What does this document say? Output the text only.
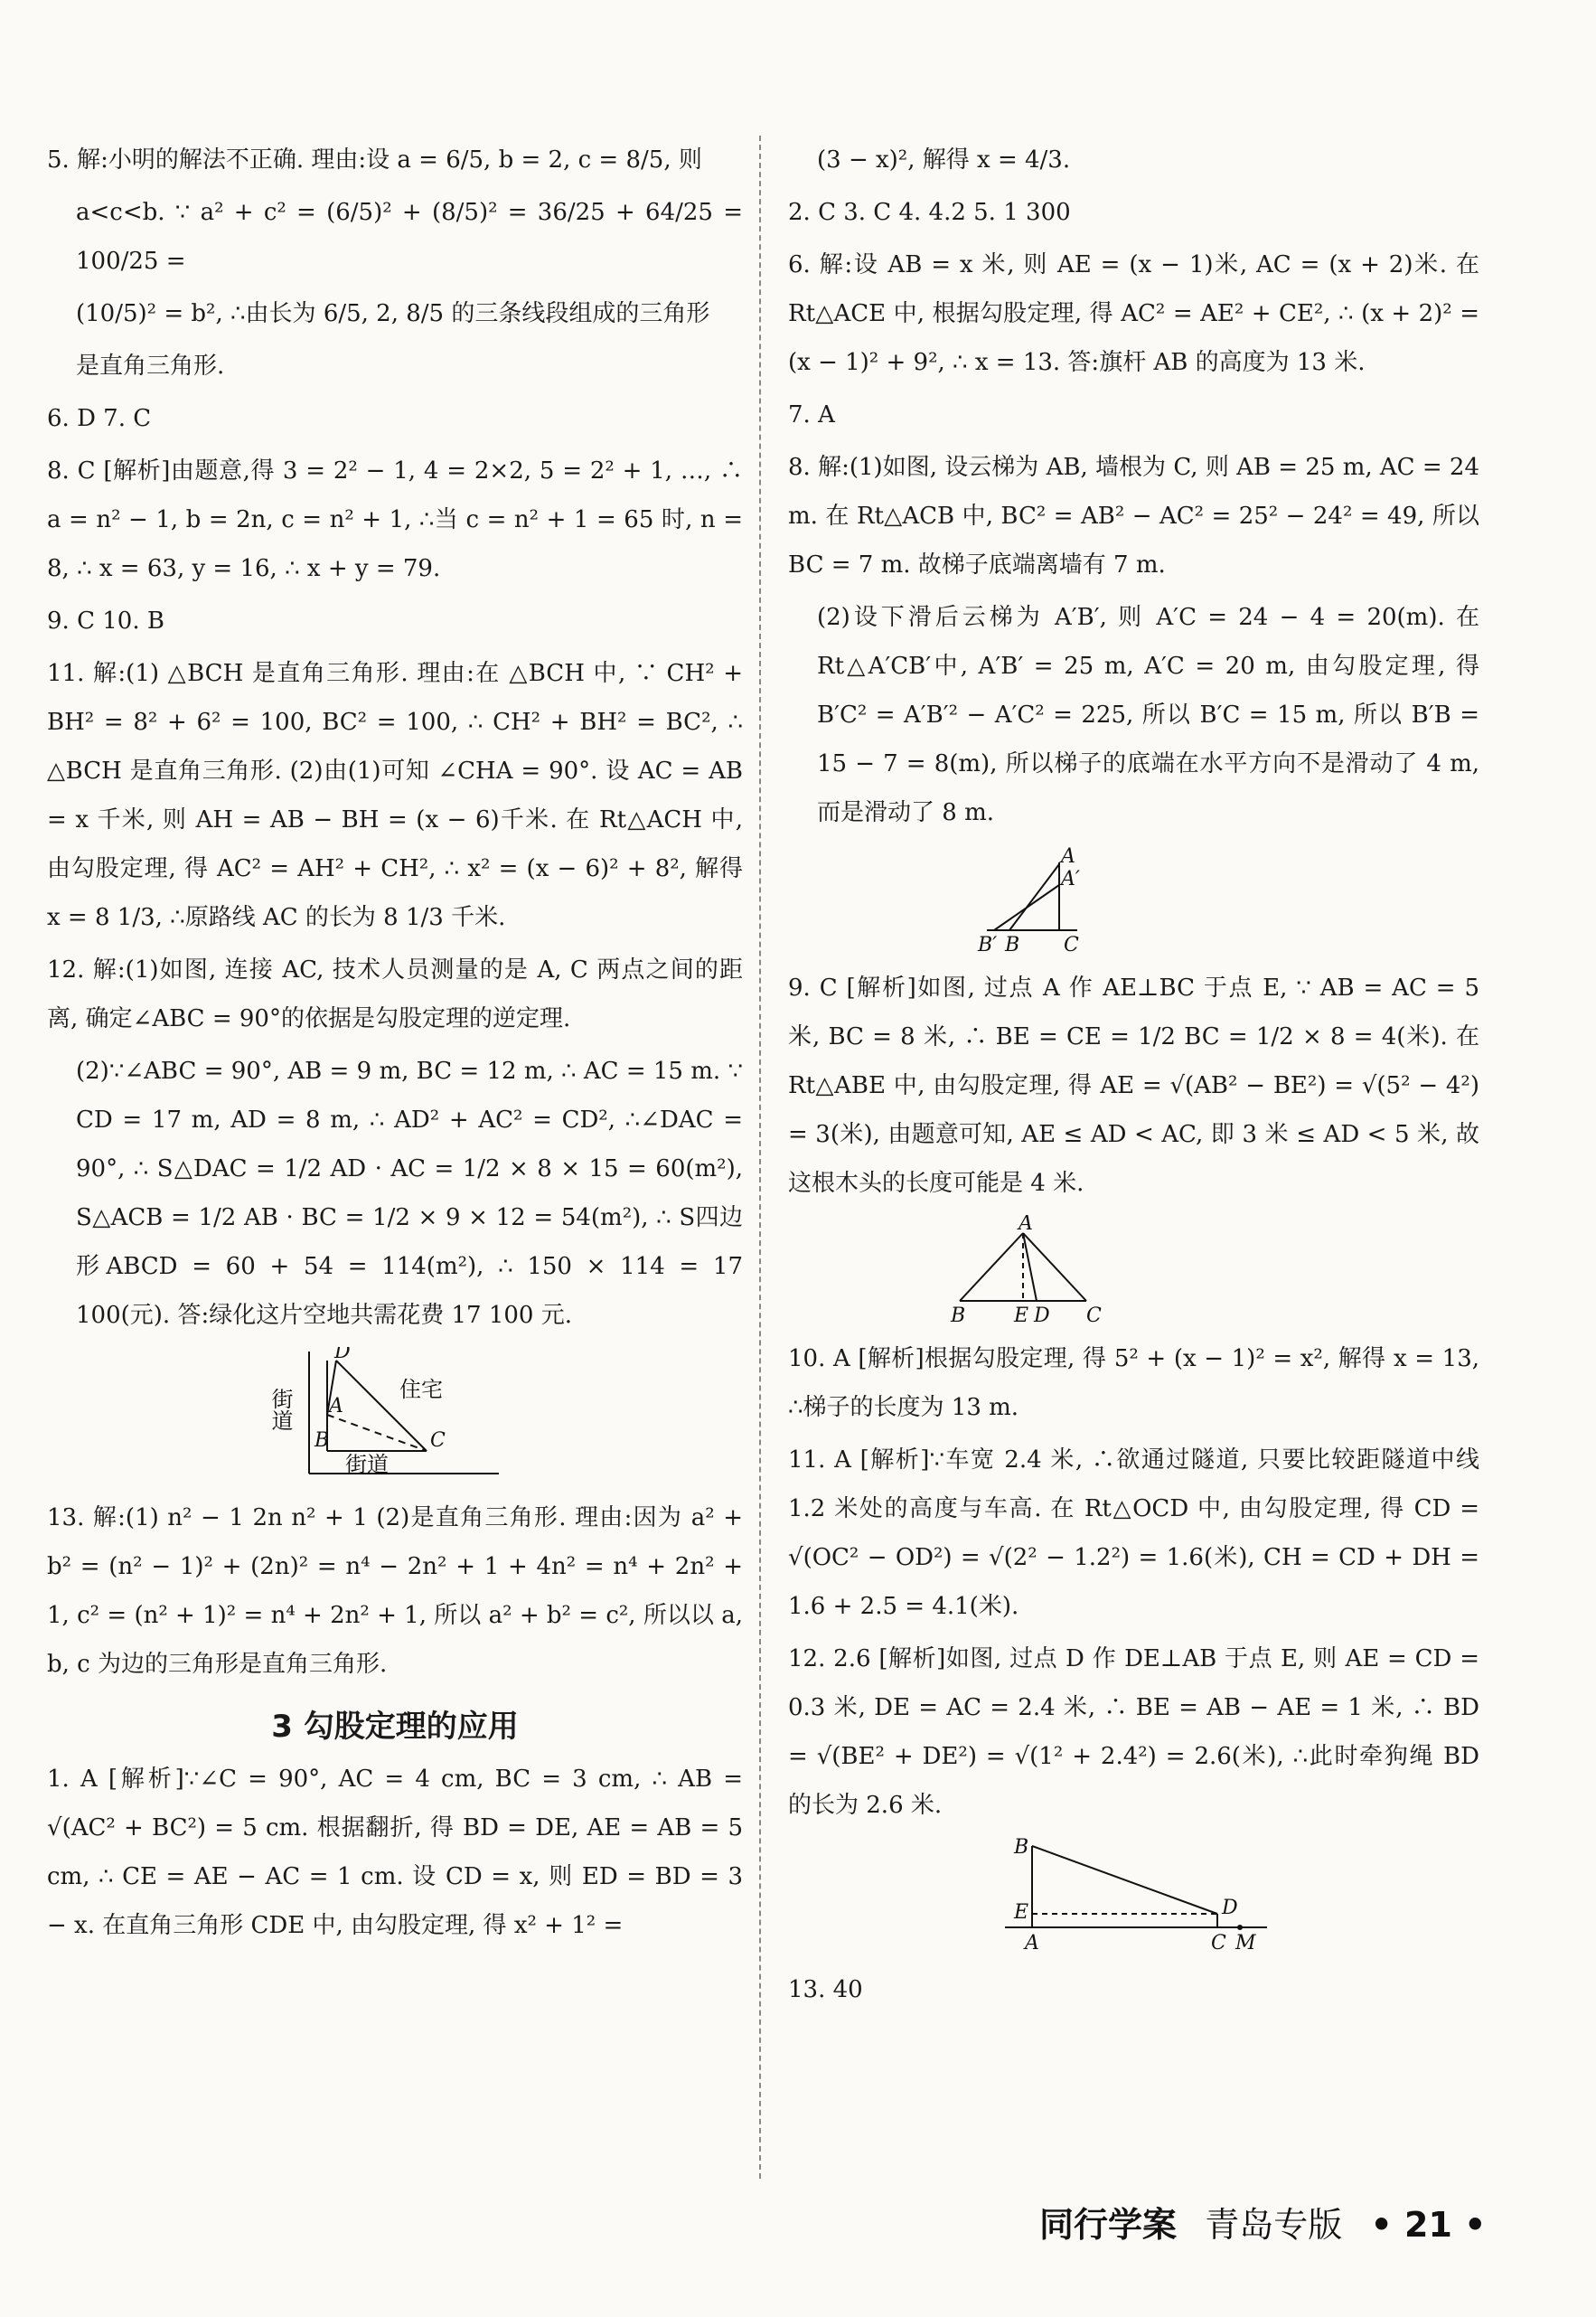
5. 解:小明的解法不正确. 理由:设 a = 6/5, b = 2, c = 8/5, 则

a<c<b. ∵ a² + c² = (6/5)² + (8/5)² = 36/25 + 64/25 = 100/25 =

(10/5)² = b², ∴由长为 6/5, 2, 8/5 的三条线段组成的三角形

是直角三角形.

6. D 7. C

8. C [解析]由题意,得 3 = 2² − 1, 4 = 2×2, 5 = 2² + 1, …, ∴ a = n² − 1, b = 2n, c = n² + 1, ∴当 c = n² + 1 = 65 时, n = 8, ∴ x = 63, y = 16, ∴ x + y = 79.

9. C 10. B

11. 解:(1) △BCH 是直角三角形. 理由:在 △BCH 中, ∵ CH² + BH² = 8² + 6² = 100, BC² = 100, ∴ CH² + BH² = BC², ∴ △BCH 是直角三角形. (2)由(1)可知 ∠CHA = 90°. 设 AC = AB = x 千米, 则 AH = AB − BH = (x − 6)千米. 在 Rt△ACH 中, 由勾股定理, 得 AC² = AH² + CH², ∴ x² = (x − 6)² + 8², 解得 x = 8 1/3, ∴原路线 AC 的长为 8 1/3 千米.

12. 解:(1)如图, 连接 AC, 技术人员测量的是 A, C 两点之间的距离, 确定∠ABC = 90°的依据是勾股定理的逆定理.

(2)∵∠ABC = 90°, AB = 9 m, BC = 12 m, ∴ AC = 15 m. ∵ CD = 17 m, AD = 8 m, ∴ AD² + AC² = CD², ∴∠DAC = 90°, ∴ S△DAC = 1/2 AD · AC = 1/2 × 8 × 15 = 60(m²), S△ACB = 1/2 AB · BC = 1/2 × 9 × 12 = 54(m²), ∴ S四边形ABCD = 60 + 54 = 114(m²), ∴ 150 × 114 = 17 100(元). 答:绿化这片空地共需花费 17 100 元.

D
A
B	C
街道
街道
住宅

13. 解:(1) n² − 1 2n n² + 1 (2)是直角三角形. 理由:因为 a² + b² = (n² − 1)² + (2n)² = n⁴ − 2n² + 1 + 4n² = n⁴ + 2n² + 1, c² = (n² + 1)² = n⁴ + 2n² + 1, 所以 a² + b² = c², 所以以 a, b, c 为边的三角形是直角三角形.

3 勾股定理的应用

1. A [解析]∵∠C = 90°, AC = 4 cm, BC = 3 cm, ∴ AB = √(AC² + BC²) = 5 cm. 根据翻折, 得 BD = DE, AE = AB = 5 cm, ∴ CE = AE − AC = 1 cm. 设 CD = x, 则 ED = BD = 3 − x. 在直角三角形 CDE 中, 由勾股定理, 得 x² + 1² =

(3 − x)², 解得 x = 4/3.

2. C 3. C 4. 4.2 5. 1 300

6. 解:设 AB = x 米, 则 AE = (x − 1)米, AC = (x + 2)米. 在 Rt△ACE 中, 根据勾股定理, 得 AC² = AE² + CE², ∴ (x + 2)² = (x − 1)² + 9², ∴ x = 13. 答:旗杆 AB 的高度为 13 米.

7. A

8. 解:(1)如图, 设云梯为 AB, 墙根为 C, 则 AB = 25 m, AC = 24 m. 在 Rt△ACB 中, BC² = AB² − AC² = 25² − 24² = 49, 所以 BC = 7 m. 故梯子底端离墙有 7 m.

(2)设下滑后云梯为 A′B′, 则 A′C = 24 − 4 = 20(m). 在 Rt△A′CB′中, A′B′ = 25 m, A′C = 20 m, 由勾股定理, 得 B′C² = A′B′² − A′C² = 225, 所以 B′C = 15 m, 所以 B′B = 15 − 7 = 8(m), 所以梯子的底端在水平方向不是滑动了 4 m, 而是滑动了 8 m.

A
A′
B′ B C

9. C [解析]如图, 过点 A 作 AE⊥BC 于点 E, ∵ AB = AC = 5 米, BC = 8 米, ∴ BE = CE = 1/2 BC = 1/2 × 8 = 4(米). 在 Rt△ABE 中, 由勾股定理, 得 AE = √(AB² − BE²) = √(5² − 4²) = 3(米), 由题意可知, AE ≤ AD < AC, 即 3 米 ≤ AD < 5 米, 故这根木头的长度可能是 4 米.

A
B E D C

10. A [解析]根据勾股定理, 得 5² + (x − 1)² = x², 解得 x = 13, ∴梯子的长度为 13 m.

11. A [解析]∵车宽 2.4 米, ∴欲通过隧道, 只要比较距隧道中线 1.2 米处的高度与车高. 在 Rt△OCD 中, 由勾股定理, 得 CD = √(OC² − OD²) = √(2² − 1.2²) = 1.6(米), CH = CD + DH = 1.6 + 2.5 = 4.1(米).

12. 2.6 [解析]如图, 过点 D 作 DE⊥AB 于点 E, 则 AE = CD = 0.3 米, DE = AC = 2.4 米, ∴ BE = AB − AE = 1 米, ∴ BD = √(BE² + DE²) = √(1² + 2.4²) = 2.6(米), ∴此时牵狗绳 BD 的长为 2.6 米.

B
E	D
A	C M

13. 40

同行学案 青岛专版 • 21 •
